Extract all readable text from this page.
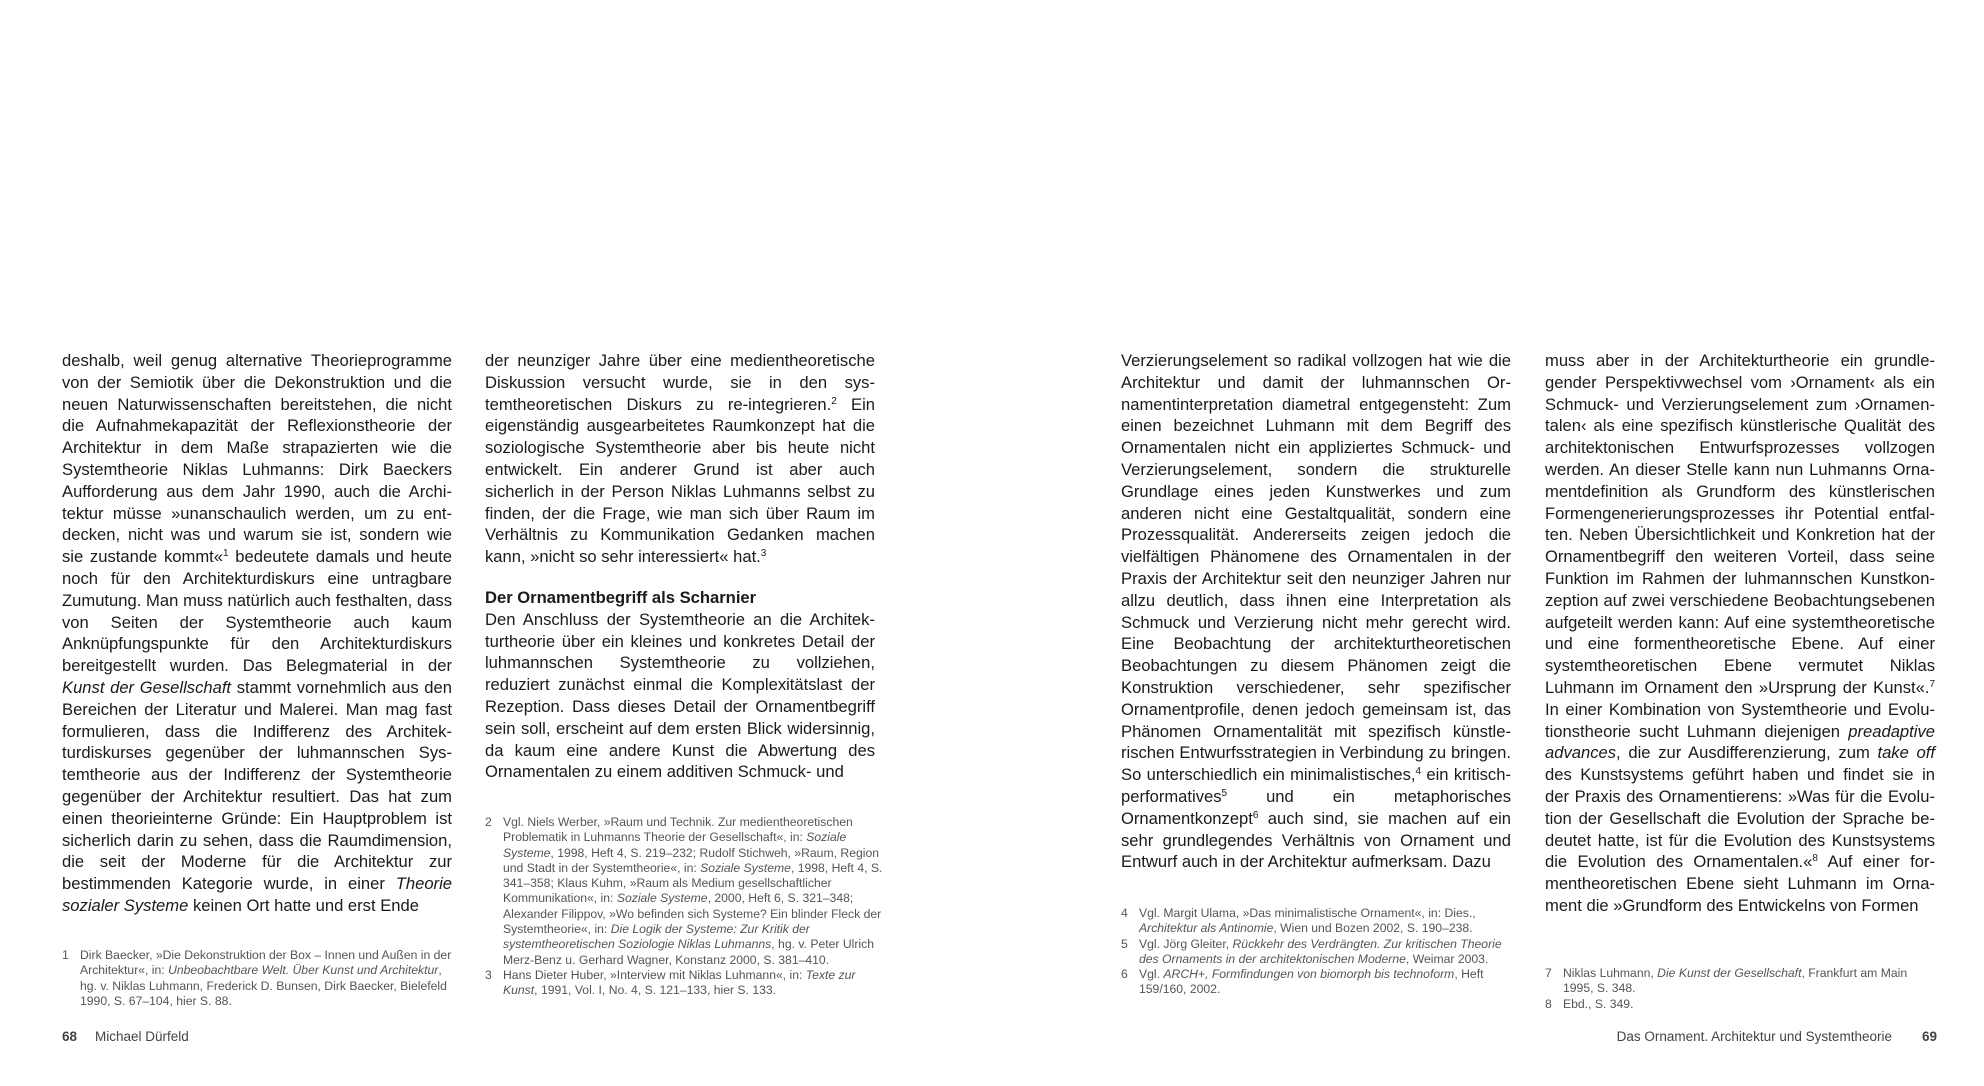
deshalb, weil genug alternative Theorieprogramme von der Semiotik über die Dekonstruktion und die neuen Naturwissenschaften bereitstehen, die nicht die Aufnahmekapazität der Reflexionstheorie der Architektur in dem Maße strapazierten wie die Systemtheorie Niklas Luhmanns: Dirk Baeckers Aufforderung aus dem Jahr 1990, auch die Architektur müsse »unanschaulich werden, um zu entdecken, nicht was und warum sie ist, sondern wie sie zustande kommt«$^1$ bedeutete damals und heute noch für den Architekturdiskurs eine untragbare Zumutung. Man muss natürlich auch festhalten, dass von Seiten der Systemtheorie auch kaum Anknüpfungspunkte für den Architekturdiskurs bereitgestellt wurden. Das Belegmaterial in der Kunst der Gesellschaft stammt vornehmlich aus den Bereichen der Literatur und Malerei. Man mag fast formulieren, dass die Indifferenz des Architekturdiskurses gegenüber der luhmannschen Systemtheorie aus der Indifferenz der Systemtheorie gegenüber der Architektur resultiert. Das hat zum einen theorieinterne Gründe: Ein Hauptproblem ist sicherlich darin zu sehen, dass die Raumdimension, die seit der Moderne für die Architektur zur bestimmenden Kategorie wurde, in einer Theorie sozialer Systeme keinen Ort hatte und erst Ende

der neunziger Jahre über eine medientheoretische Diskussion versucht wurde, sie in den systemtheoretischen Diskurs zu re-integrieren.$^2$ Ein eigenständig ausgearbeitetes Raumkonzept hat die soziologische Systemtheorie aber bis heute nicht entwickelt. Ein anderer Grund ist aber auch sicherlich in der Person Niklas Luhmanns selbst zu finden, der die Frage, wie man sich über Raum im Verhältnis zu Kommunikation Gedanken machen kann, »nicht so sehr interessiert« hat.$^3$

Der Ornamentbegriff als Scharnier

Den Anschluss der Systemtheorie an die Architekturtheorie über ein kleines und konkretes Detail der luhmannschen Systemtheorie zu vollziehen, reduziert zunächst einmal die Komplexitätslast der Rezeption. Dass dieses Detail der Ornamentbegriff sein soll, erscheint auf dem ersten Blick widersinnig, da kaum eine andere Kunst die Abwertung des Ornamentalen zu einem additiven Schmuck- und

Verzierungselement so radikal vollzogen hat wie die Architektur und damit der luhmannschen Ornamentinterpretation diametral entgegensteht: Zum einen bezeichnet Luhmann mit dem Begriff des Ornamentalen nicht ein appliziertes Schmuck- und Verzierungselement, sondern die strukturelle Grundlage eines jeden Kunstwerkes und zum anderen nicht eine Gestaltqualität, sondern eine Prozessqualität. Andererseits zeigen jedoch die vielfältigen Phänomene des Ornamentalen in der Praxis der Architektur seit den neunziger Jahren nur allzu deutlich, dass ihnen eine Interpretation als Schmuck und Verzierung nicht mehr gerecht wird. Eine Beobachtung der architekturtheoretischen Beobachtungen zu diesem Phänomen zeigt die Konstruktion verschiedener, sehr spezifischer Ornamentprofile, denen jedoch gemeinsam ist, das Phänomen Ornamentalität mit spezifisch künstlerischen Entwurfsstrategien in Verbindung zu bringen. So unterschiedlich ein minimalistisches,$^4$ ein kritisch-performatives$^5$ und ein metaphorisches Ornamentkonzept$^6$ auch sind, sie machen auf ein sehr grundlegendes Verhältnis von Ornament und Entwurf auch in der Architektur aufmerksam. Dazu

muss aber in der Architekturtheorie ein grundlegender Perspektivwechsel vom ›Ornament‹ als ein Schmuck- und Verzierungselement zum ›Ornamentalen‹ als eine spezifisch künstlerische Qualität des architektonischen Entwurfsprozesses vollzogen werden. An dieser Stelle kann nun Luhmanns Ornamentdefinition als Grundform des künstlerischen Formengenerierungsprozesses ihr Potential entfalten. Neben Übersichtlichkeit und Konkretion hat der Ornamentbegriff den weiteren Vorteil, dass seine Funktion im Rahmen der luhmannschen Kunstkonzeption auf zwei verschiedene Beobachtungsebenen aufgeteilt werden kann: Auf eine systemtheoretische und eine formentheoretische Ebene. Auf einer systemtheoretischen Ebene vermutet Niklas Luhmann im Ornament den »Ursprung der Kunst«.$^7$ In einer Kombination von Systemtheorie und Evolutionstheorie sucht Luhmann diejenigen preadaptive advances, die zur Ausdifferenzierung, zum take off des Kunstsystems geführt haben und findet sie in der Praxis des Ornamentierens: »Was für die Evolution der Gesellschaft die Evolution der Sprache bedeutet hatte, ist für die Evolution des Kunstsystems die Evolution des Ornamentalen.«$^8$ Auf einer formentheoretischen Ebene sieht Luhmann im Ornament die »Grundform des Entwickelns von Formen

1 Dirk Baecker, »Die Dekonstruktion der Box – Innen und Außen in der Architektur«, in: Unbeobachtbare Welt. Über Kunst und Architektur, hg. v. Niklas Luhmann, Frederick D. Bunsen, Dirk Baecker, Bielefeld 1990, S. 67–104, hier S. 88.
2 Vgl. Niels Werber, »Raum und Technik. Zur medientheoretischen Problematik in Luhmanns Theorie der Gesellschaft«, in: Soziale Systeme, 1998, Heft 4, S. 219–232; Rudolf Stichweh, »Raum, Region und Stadt in der Systemtheorie«, in: Soziale Systeme, 1998, Heft 4, S. 341–358; Klaus Kuhm, »Raum als Medium gesellschaftlicher Kommunikation«, in: Soziale Systeme, 2000, Heft 6, S. 321–348; Alexander Filippov, »Wo befinden sich Systeme? Ein blinder Fleck der Systemtheorie«, in: Die Logik der Systeme: Zur Kritik der systemtheoretischen Soziologie Niklas Luhmanns, hg. v. Peter Ulrich Merz-Benz u. Gerhard Wagner, Konstanz 2000, S. 381–410.
3 Hans Dieter Huber, »Interview mit Niklas Luhmann«, in: Texte zur Kunst, 1991, Vol. I, No. 4, S. 121–133, hier S. 133.
4 Vgl. Margit Ulama, »Das minimalistische Ornament«, in: Dies., Architektur als Antinomie, Wien und Bozen 2002, S. 190–238.
5 Vgl. Jörg Gleiter, Rückkehr des Verdrängten. Zur kritischen Theorie des Ornaments in der architektonischen Moderne, Weimar 2003.
6 Vgl. ARCH+, Formfindungen von biomorph bis technoform, Heft 159/160, 2002.
7 Niklas Luhmann, Die Kunst der Gesellschaft, Frankfurt am Main 1995, S. 348.
8 Ebd., S. 349.
68 Michael Dürfeld	Das Ornament. Architektur und Systemtheorie 69
